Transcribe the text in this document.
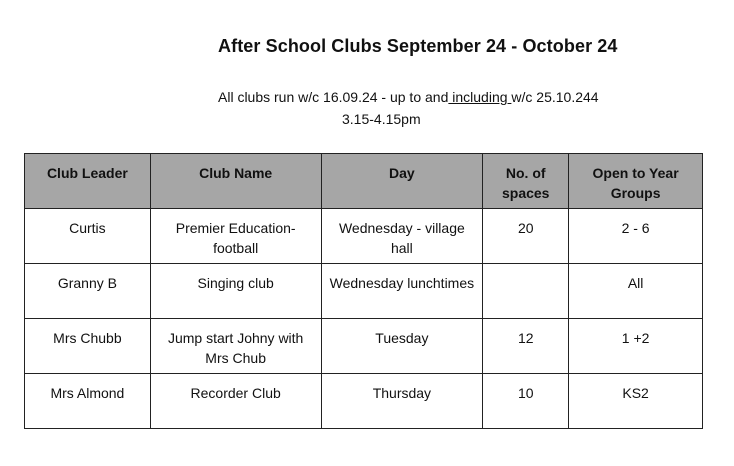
After School Clubs September 24 - October 24
All clubs run w/c 16.09.24 - up to and including w/c 25.10.244
3.15-4.15pm
Club Leader	Club Name	Day	No. of spaces	Open to Year Groups
Curtis	Premier Education-football	Wednesday - village hall	20	2 - 6
Granny B	Singing club	Wednesday lunchtimes		All
Mrs Chubb	Jump start Johny with Mrs Chub	Tuesday	12	1 +2
Mrs Almond	Recorder Club	Thursday	10	KS2
